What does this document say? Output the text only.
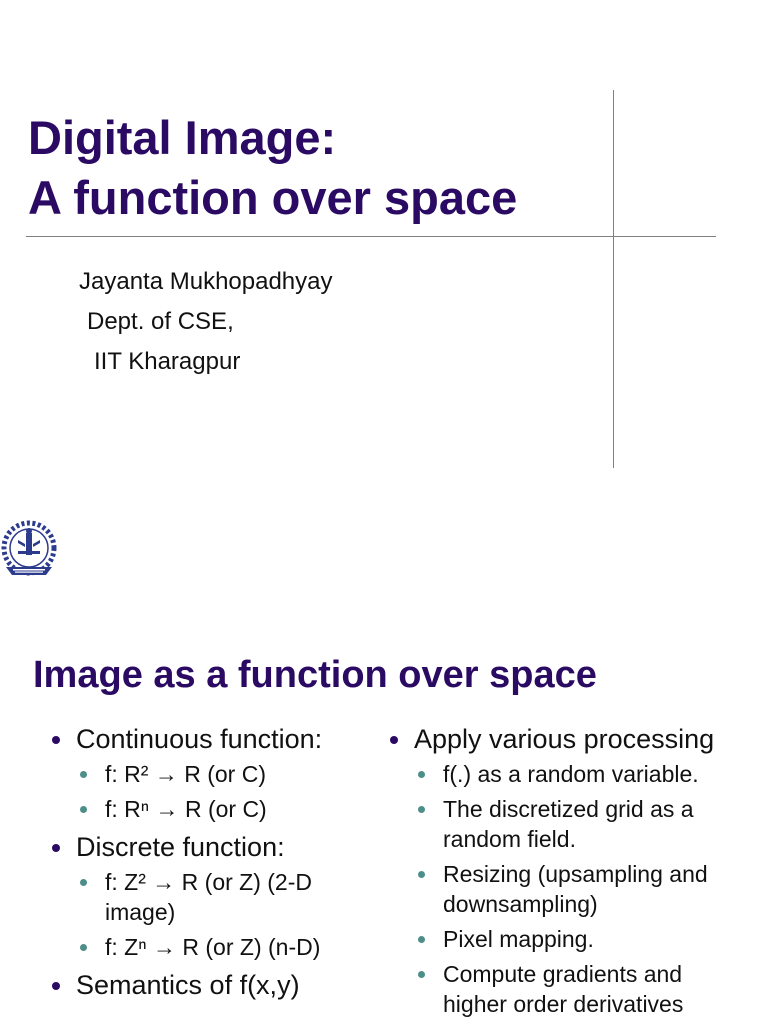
Digital Image:
A function over space
Jayanta Mukhopadhyay
Dept. of CSE,
IIT Kharagpur
Image as a function over space
Continuous function:
f: R² → R (or C)
f: Rⁿ → R (or C)
Discrete function:
f: Z² → R (or Z) (2-D image)
f: Zⁿ → R (or Z) (n-D)
Semantics of f(x,y)
Apply various processing
f(.) as a random variable.
The discretized grid as a random field.
Resizing (upsampling and downsampling)
Pixel mapping.
Compute gradients and higher order derivatives
